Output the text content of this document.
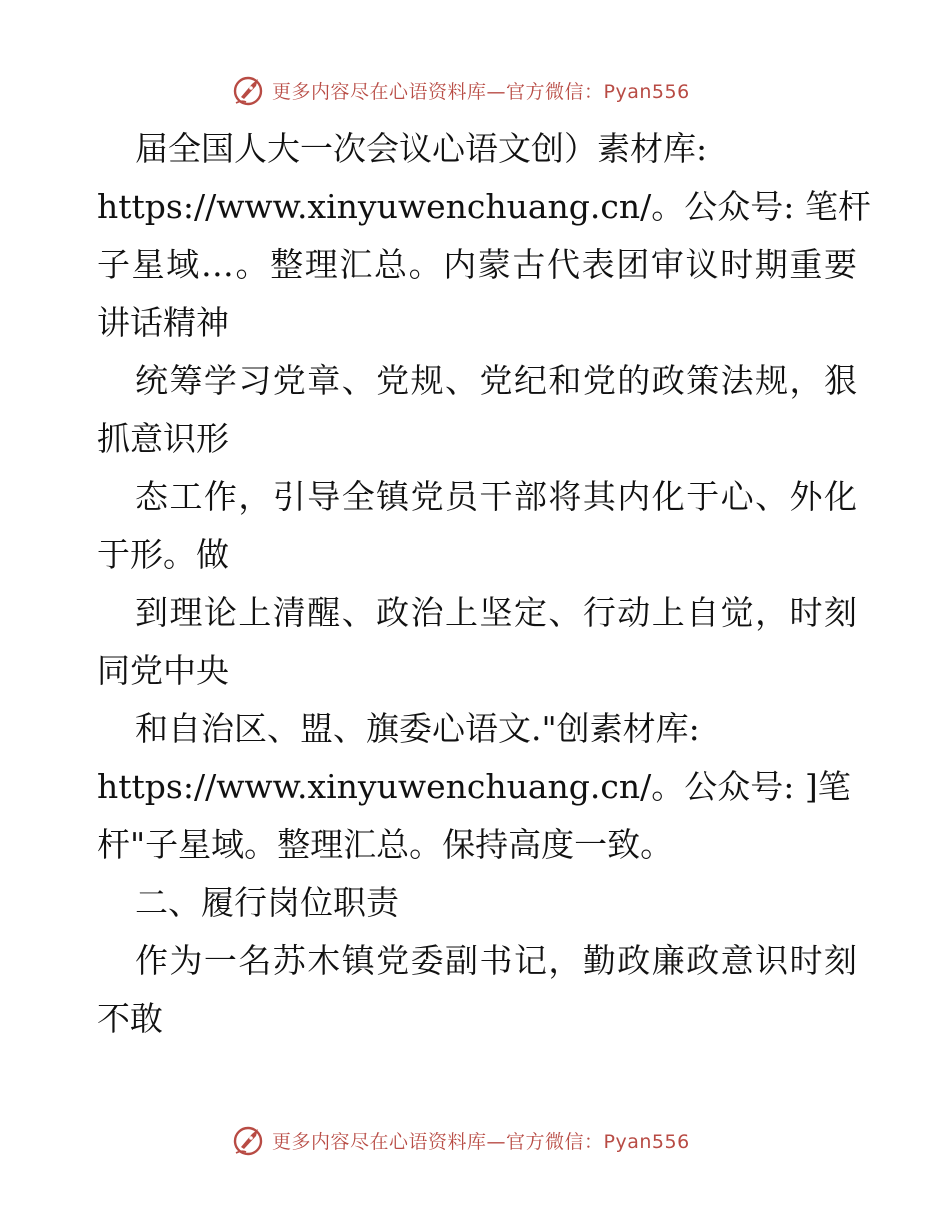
更多内容尽在心语资料库—官方微信：Pyan556
届全国人大一次会议心语文创）素材库:
https://www.xinyuwenchuang.cn/。公众号: 笔杆
子星域…。整理汇总。内蒙古代表团审议时期重要
讲话精神
统筹学习党章、党规、党纪和党的政策法规，狠
抓意识形
态工作，引导全镇党员干部将其内化于心、外化
于形。做
到理论上清醒、政治上坚定、行动上自觉，时刻
同党中央
和自治区、盟、旗委心语文."创素材库:
https://www.xinyuwenchuang.cn/。公众号: ]笔
杆"子星域。整理汇总。保持高度一致。
二、履行岗位职责
作为一名苏木镇党委副书记，勤政廉政意识时刻
不敢
更多内容尽在心语资料库—官方微信：Pyan556
